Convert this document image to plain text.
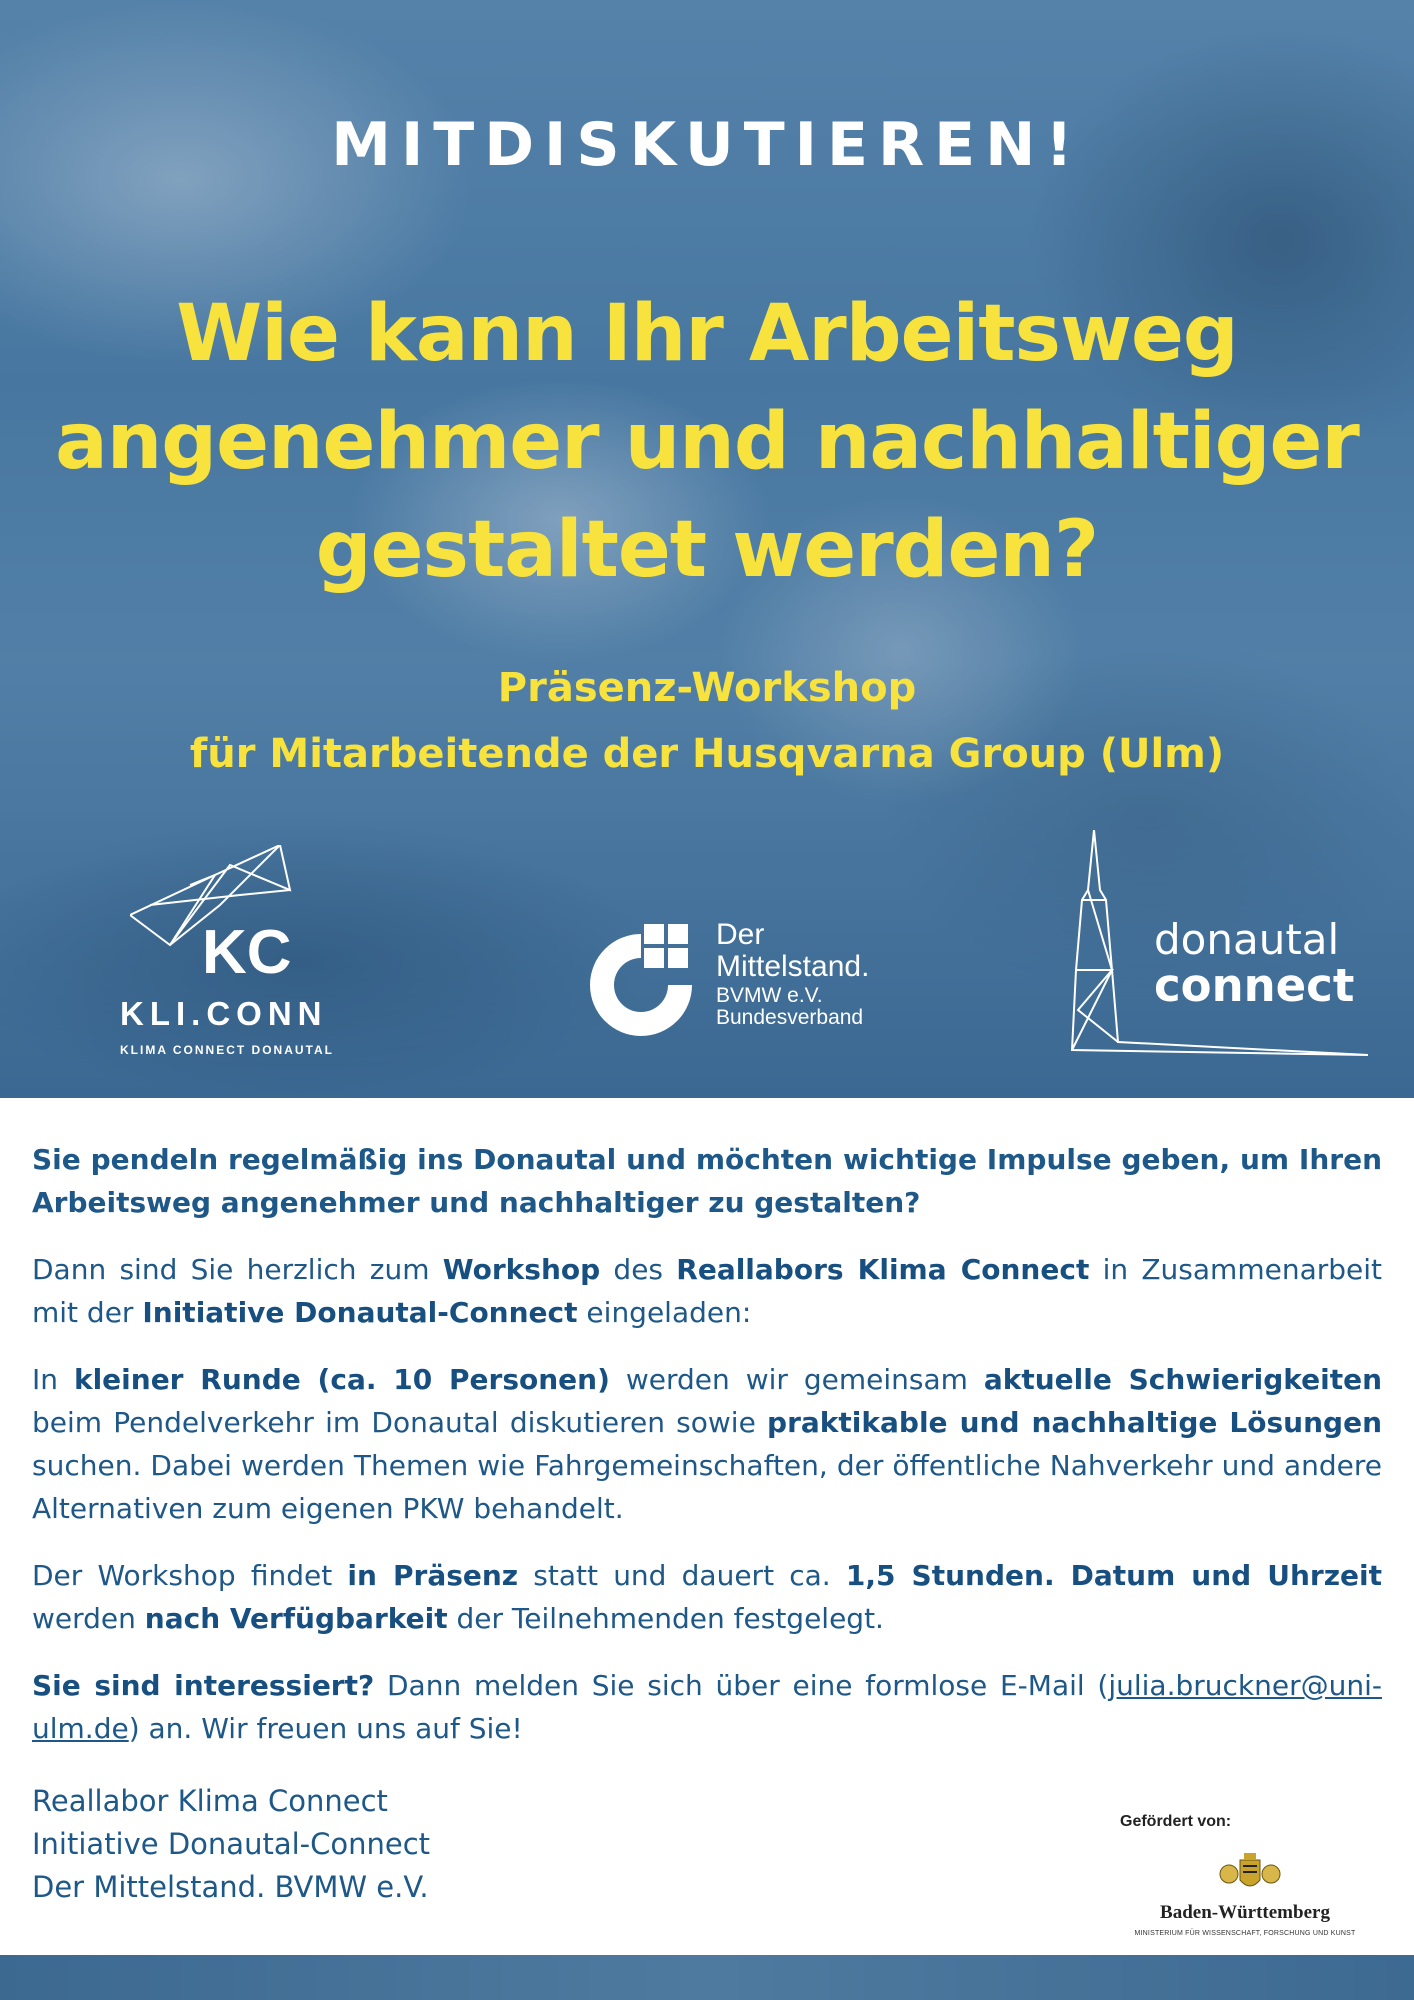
MITDISKUTIEREN!
Wie kann Ihr Arbeitsweg
angenehmer und nachhaltiger
gestaltet werden?
Präsenz-Workshop
für Mitarbeitende der Husqvarna Group (Ulm)
KC
KLI.CONN
KLIMA CONNECT DONAUTAL
Der
Mittelstand.
BVMW e.V.
Bundesverband
donautal
connect

Sie pendeln regelmäßig ins Donautal und möchten wichtige Impulse geben, um Ihren Arbeitsweg angenehmer und nachhaltiger zu gestalten?

Dann sind Sie herzlich zum Workshop des Reallabors Klima Connect in Zusammenarbeit mit der Initiative Donautal-Connect eingeladen:

In kleiner Runde (ca. 10 Personen) werden wir gemeinsam aktuelle Schwierigkeiten beim Pendelverkehr im Donautal diskutieren sowie praktikable und nachhaltige Lösungen suchen. Dabei werden Themen wie Fahrgemeinschaften, der öffentliche Nahverkehr und andere Alternativen zum eigenen PKW behandelt.

Der Workshop findet in Präsenz statt und dauert ca. 1,5 Stunden. Datum und Uhrzeit werden nach Verfügbarkeit der Teilnehmenden festgelegt.

Sie sind interessiert? Dann melden Sie sich über eine formlose E-Mail (julia.bruckner@uni-ulm.de) an. Wir freuen uns auf Sie!

Reallabor Klima Connect
Initiative Donautal-Connect
Der Mittelstand. BVMW e.V.
Gefördert von:
Baden-Württemberg
MINISTERIUM FÜR WISSENSCHAFT, FORSCHUNG UND KUNST
